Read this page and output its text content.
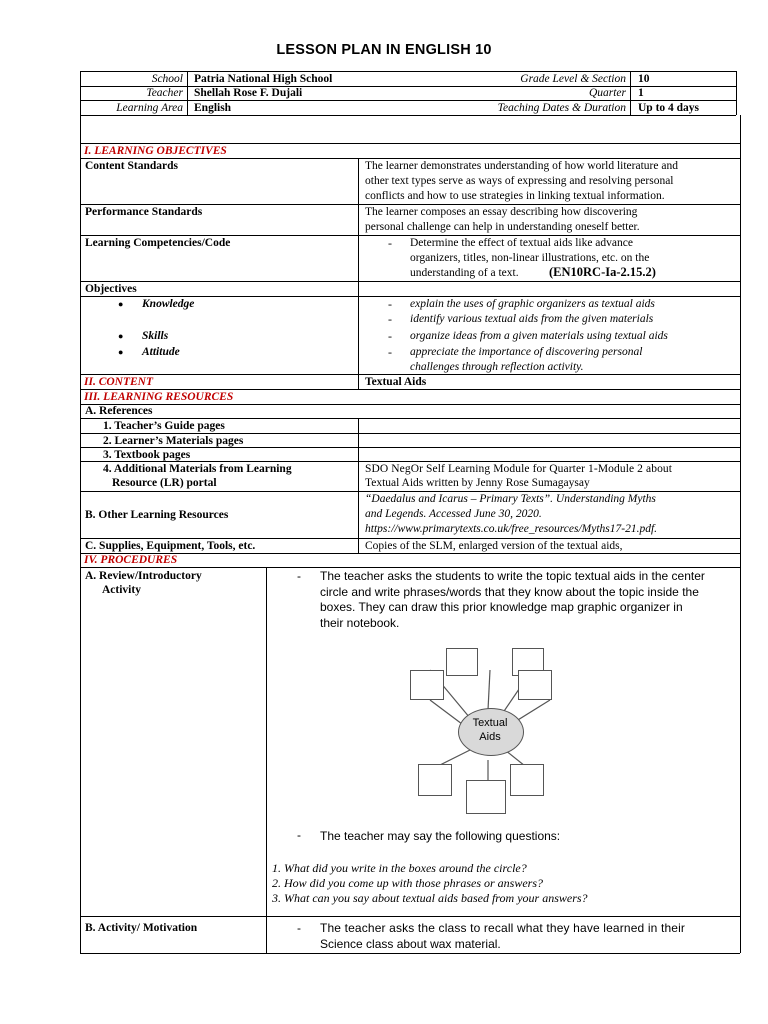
LESSON PLAN IN ENGLISH 10
School Patria National High School	Grade Level & Section 10
Teacher Shellah Rose F. Dujali	Quarter 1
Learning Area English	Teaching Dates & Duration Up to 4 days
I. LEARNING OBJECTIVES
Content Standards	The learner demonstrates understanding of how world literature and
other text types serve as ways of expressing and resolving personal
conflicts and how to use strategies in linking textual information.
Performance Standards	The learner composes an essay describing how discovering
personal challenge can help in understanding oneself better.
Learning Competencies/Code	- Determine the effect of textual aids like advance
organizers, titles, non-linear illustrations, etc. on the
understanding of a text. (EN10RC-Ia-2.15.2)
Objectives
● Knowledge	- explain the uses of graphic organizers as textual aids
- identify various textual aids from the given materials
● Skills	- organize ideas from a given materials using textual aids
● Attitude	- appreciate the importance of discovering personal
challenges through reflection activity.
II. CONTENT	Textual Aids
III. LEARNING RESOURCES
A. References
1. Teacher’s Guide pages
2. Learner’s Materials pages
3. Textbook pages
4. Additional Materials from Learning
Resource (LR) portal
SDO NegOr Self Learning Module for Quarter 1-Module 2 about
Textual Aids written by Jenny Rose Sumagaysay
B. Other Learning Resources
“Daedalus and Icarus – Primary Texts”. Understanding Myths
and Legends. Accessed June 30, 2020.
https://www.primarytexts.co.uk/free_resources/Myths17-21.pdf.
C. Supplies, Equipment, Tools, etc.	Copies of the SLM, enlarged version of the textual aids,
IV. PROCEDURES
A. Review/Introductory
Activity
- The teacher asks the students to write the topic textual aids in the center
circle and write phrases/words that they know about the topic inside the
boxes. They can draw this prior knowledge map graphic organizer in
their notebook.
Textual
Aids
- The teacher may say the following questions:
1. What did you write in the boxes around the circle?
2. How did you come up with those phrases or answers?
3. What can you say about textual aids based from your answers?
B. Activity/ Motivation	- The teacher asks the class to recall what they have learned in their
Science class about wax material.
